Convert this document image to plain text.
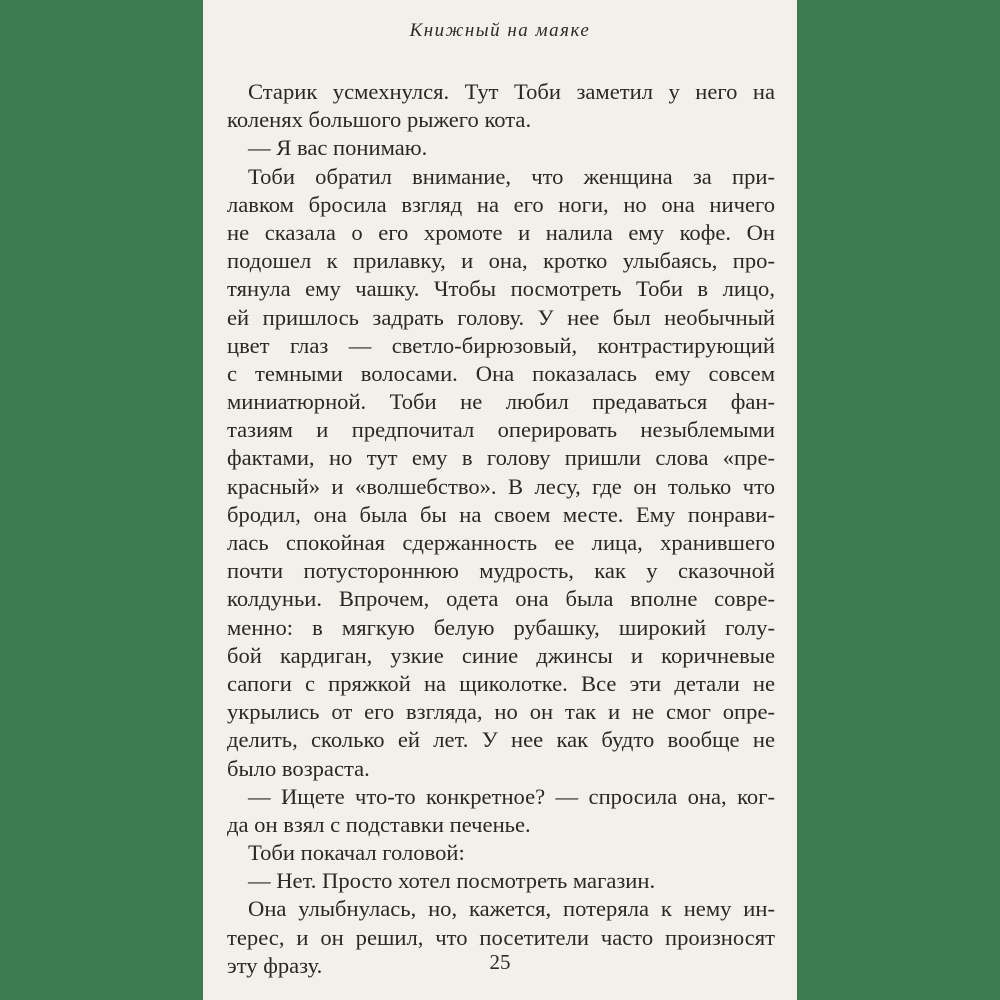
Книжный на маяке
Старик усмехнулся. Тут Тоби заметил у него на
коленях большого рыжего кота.
— Я вас понимаю.
Тоби обратил внимание, что женщина за при-
лавком бросила взгляд на его ноги, но она ничего
не сказала о его хромоте и налила ему кофе. Он
подошел к прилавку, и она, кротко улыбаясь, про-
тянула ему чашку. Чтобы посмотреть Тоби в лицо,
ей пришлось задрать голову. У нее был необычный
цвет глаз — светло-бирюзовый, контрастирующий
с темными волосами. Она показалась ему совсем
миниатюрной. Тоби не любил предаваться фан-
тазиям и предпочитал оперировать незыблемыми
фактами, но тут ему в голову пришли слова «пре-
красный» и «волшебство». В лесу, где он только что
бродил, она была бы на своем месте. Ему понрави-
лась спокойная сдержанность ее лица, хранившего
почти потустороннюю мудрость, как у сказочной
колдуньи. Впрочем, одета она была вполне совре-
менно: в мягкую белую рубашку, широкий голу-
бой кардиган, узкие синие джинсы и коричневые
сапоги с пряжкой на щиколотке. Все эти детали не
укрылись от его взгляда, но он так и не смог опре-
делить, сколько ей лет. У нее как будто вообще не
было возраста.
— Ищете что-то конкретное? — спросила она, ког-
да он взял с подставки печенье.
Тоби покачал головой:
— Нет. Просто хотел посмотреть магазин.
Она улыбнулась, но, кажется, потеряла к нему ин-
терес, и он решил, что посетители часто произносят
эту фразу.	25
